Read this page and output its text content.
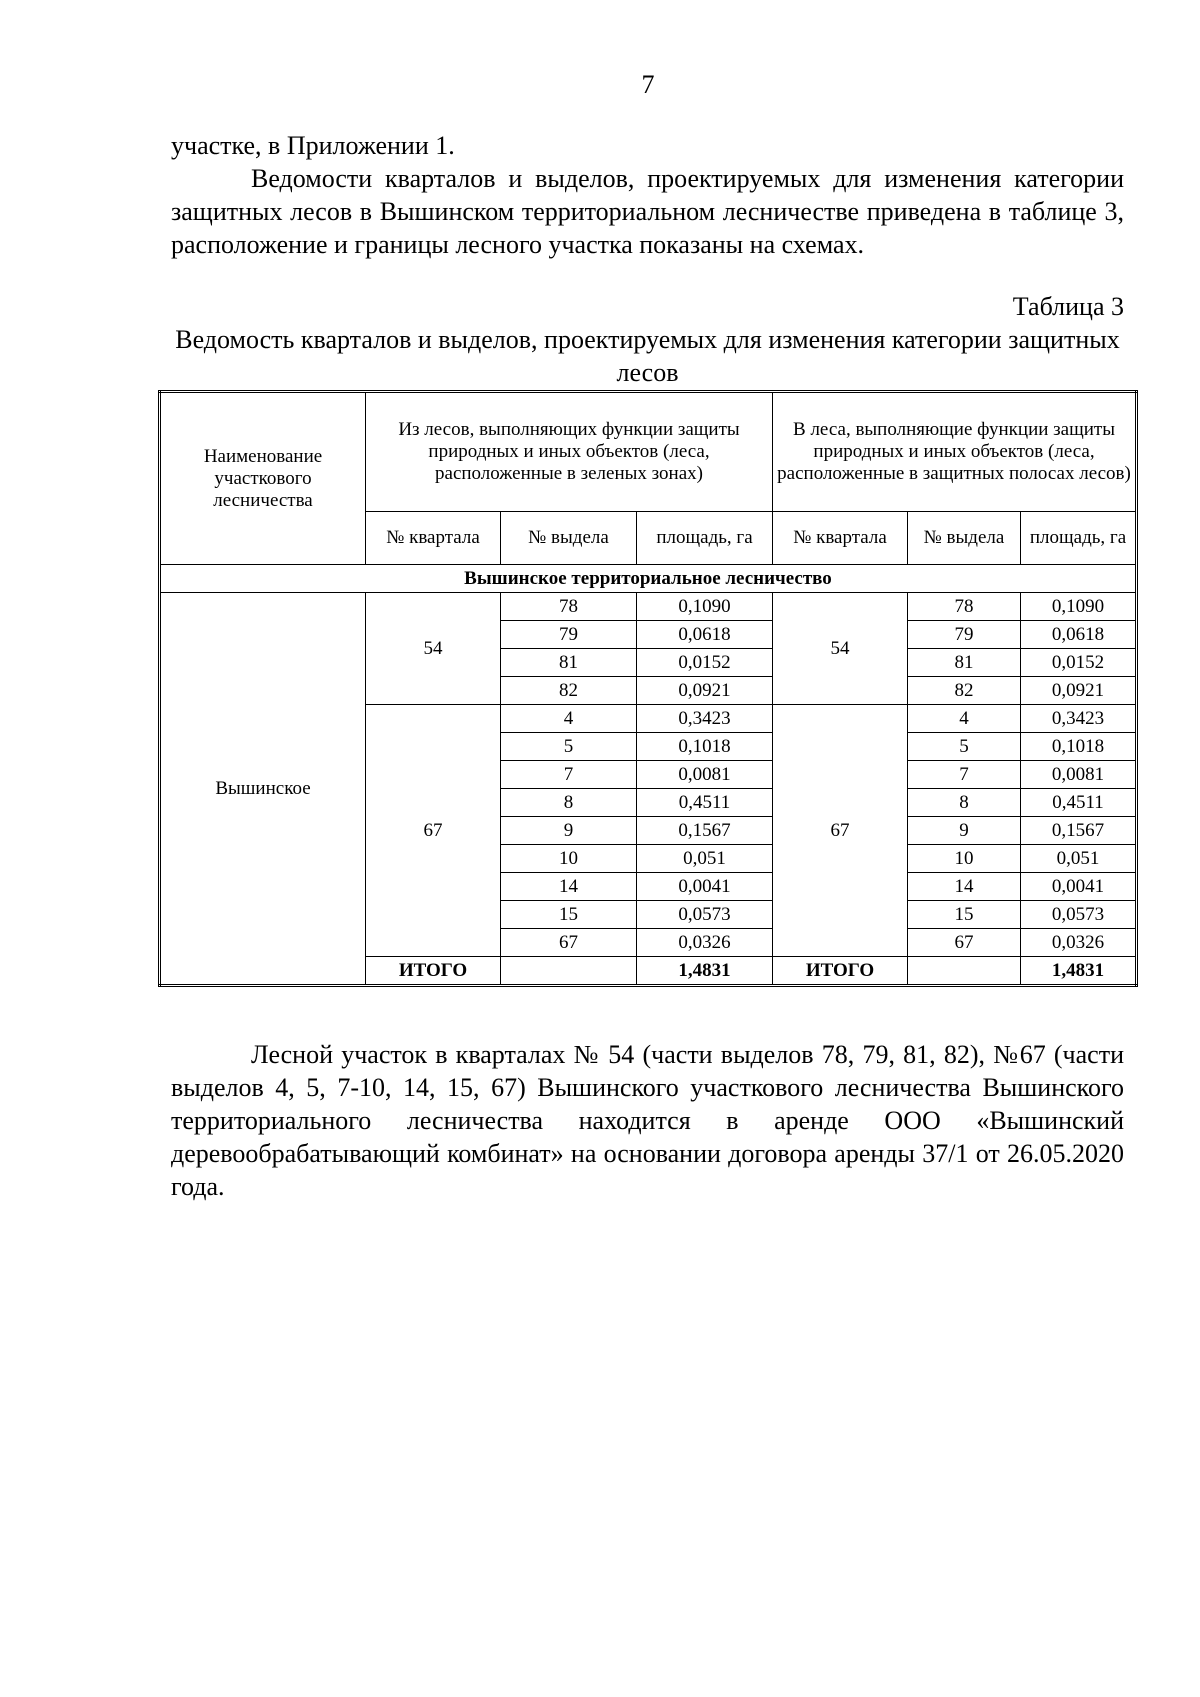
7
участке, в Приложении 1.
Ведомости кварталов и выделов, проектируемых для изменения категории защитных лесов в Вышинском территориальном лесничестве приведена в таблице 3, расположение и границы лесного участка показаны на схемах.
Таблица 3
Ведомость кварталов и выделов, проектируемых для изменения категории защитных лесов
Наименование участкового лесничества	Из лесов, выполняющих функции защиты природных и иных объектов (леса, расположенные в зеленых зонах)			В леса, выполняющие функции защиты природных и иных объектов (леса, расположенные в защитных полосах лесов)		
	№ квартала	№ выдела	площадь, га	№ квартала	№ выдела	площадь, га
Вышинское территориальное лесничество						
Вышинское	54	78	0,1090	54	78	0,1090
		79	0,0618		79	0,0618
		81	0,0152		81	0,0152
		82	0,0921		82	0,0921
	67	4	0,3423	67	4	0,3423
		5	0,1018		5	0,1018
		7	0,0081		7	0,0081
		8	0,4511		8	0,4511
		9	0,1567		9	0,1567
		10	0,051		10	0,051
		14	0,0041		14	0,0041
		15	0,0573		15	0,0573
		67	0,0326		67	0,0326
	ИТОГО		1,4831	ИТОГО		1,4831
Лесной участок в кварталах № 54 (части выделов 78, 79, 81, 82), №67 (части выделов 4, 5, 7-10, 14, 15, 67) Вышинского участкового лесничества Вышинского территориального лесничества находится в аренде ООО «Вышинский деревообрабатывающий комбинат» на основании договора аренды 37/1 от 26.05.2020 года.
